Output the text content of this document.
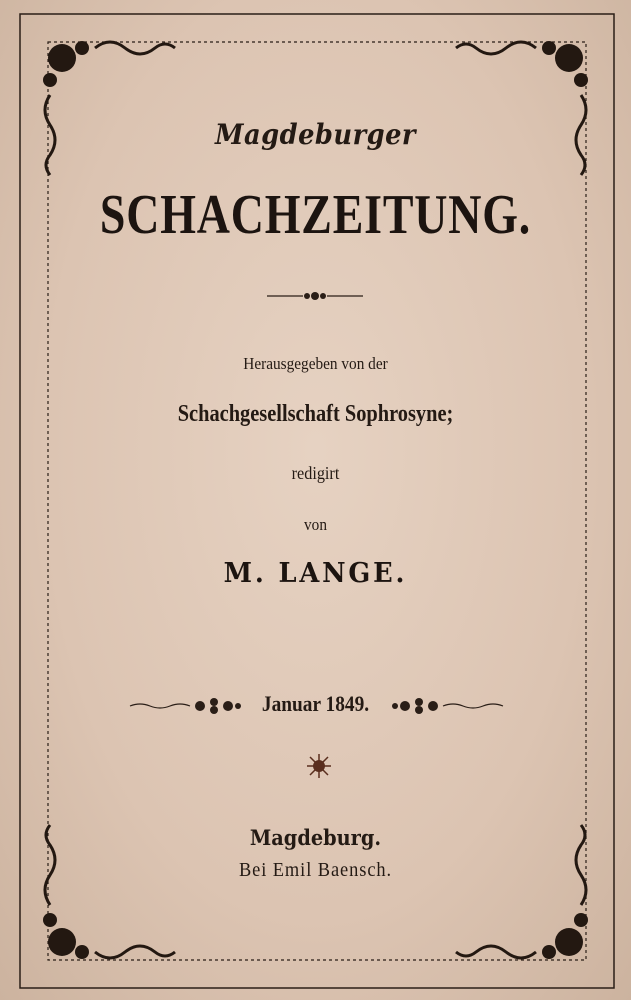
Magdeburger
SCHACHZEITUNG.
Herausgegeben von der
Schachgesellschaft Sophrosyne;
redigirt
von
M. LANGE.
Januar 1849.
Magdeburg.
Bei Emil Baensch.
